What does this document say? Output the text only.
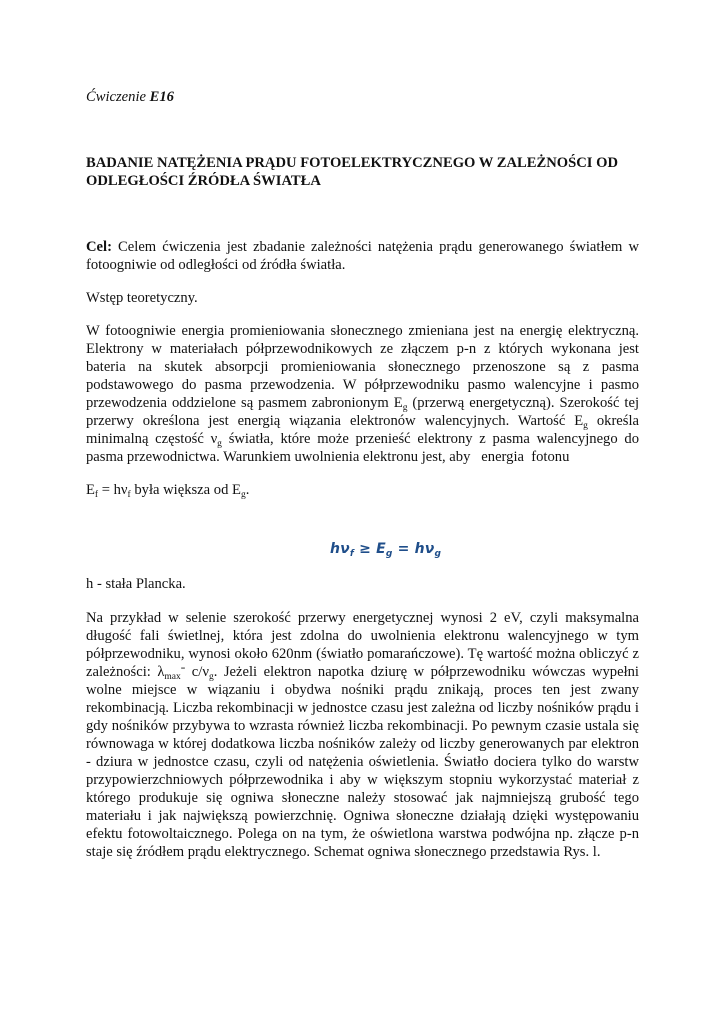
Ćwiczenie E16
BADANIE NATĘŻENIA PRĄDU FOTOELEKTRYCZNEGO W ZALEŻNOŚCI OD
ODLEGŁOŚCI ŹRÓDŁA ŚWIATŁA
Cel: Celem ćwiczenia jest zbadanie zależności natężenia prądu generowanego światłem w
fotoogniwie od odległości od źródła światła.
Wstęp teoretyczny.
W fotoogniwie energia promieniowania słonecznego zmieniana jest na energię elektryczną.
Elektrony w materiałach półprzewodnikowych ze złączem p-n z których wykonana jest
bateria na skutek absorpcji promieniowania słonecznego przenoszone są z pasma
podstawowego do pasma przewodzenia. W półprzewodniku pasmo walencyjne i pasmo
przewodzenia oddzielone są pasmem zabronionym $E_g$ (przerwą energetyczną). Szerokość tej
przerwy określona jest energią wiązania elektronów walencyjnych. Wartość $E_g$ określa
minimalną częstość $\nu_g$ światła, które może przenieść elektrony z pasma walencyjnego do
pasma przewodnictwa. Warunkiem uwolnienia elektronu jest, aby   energia  fotonu
$E_f = h\nu_f$ była większa od $E_g$.
$h\nu_f \ge E_g = h\nu_g$
h - stała Plancka.
Na przykład w selenie szerokość przerwy energetycznej wynosi 2 eV, czyli maksymalna
długość fali świetlnej, która jest zdolna do uwolnienia elektronu walencyjnego w tym
półprzewodniku, wynosi około 620nm (światło pomarańczowe). Tę wartość można obliczyć z
zależności: $\lambda_{max}^=$ $c/\nu_g$. Jeżeli elektron napotka dziurę w półprzewodniku wówczas wypełni
wolne miejsce w wiązaniu i obydwa nośniki prądu znikają, proces ten jest zwany
rekombinacją. Liczba rekombinacji w jednostce czasu jest zależna od liczby nośników prądu i
gdy nośników przybywa to wzrasta również liczba rekombinacji. Po pewnym czasie ustala się
równowaga w której dodatkowa liczba nośników zależy od liczby generowanych par elektron
- dziura w jednostce czasu, czyli od natężenia oświetlenia. Światło dociera tylko do warstw
przypowierzchniowych półprzewodnika i aby w większym stopniu wykorzystać materiał z
którego produkuje się ogniwa słoneczne należy stosować jak najmniejszą grubość tego
materiału i jak największą powierzchnię. Ogniwa słoneczne działają dzięki występowaniu
efektu fotowoltaicznego. Polega on na tym, że oświetlona warstwa podwójna np. złącze p-n
staje się źródłem prądu elektrycznego. Schemat ogniwa słonecznego przedstawia Rys. l.
